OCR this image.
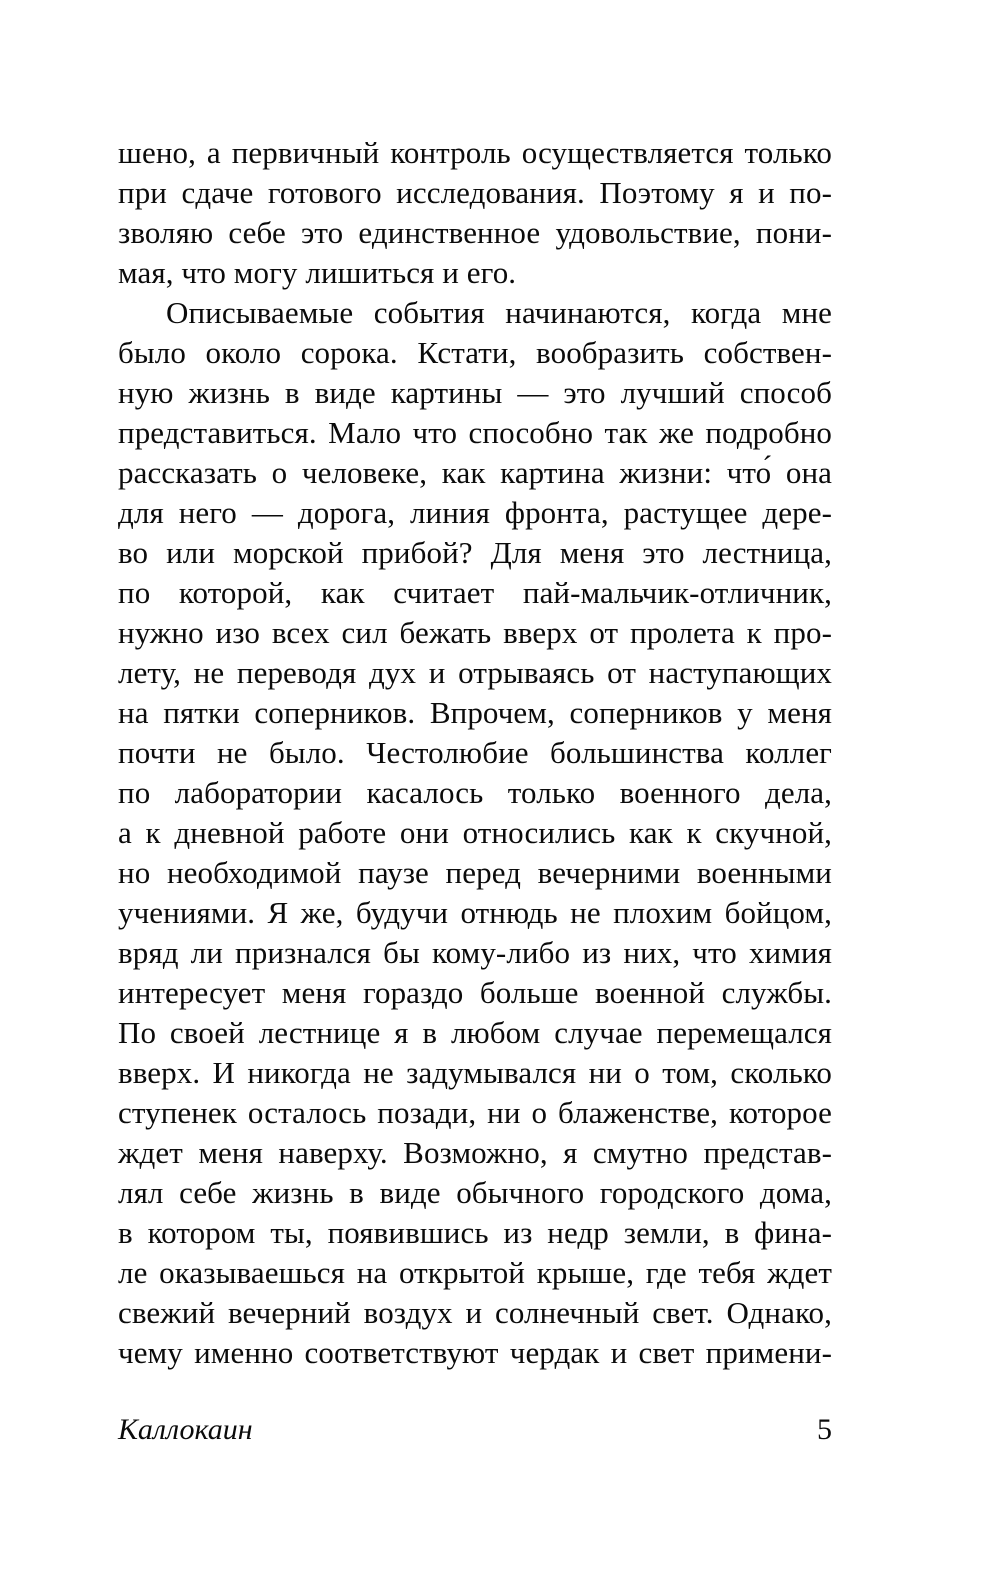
шено, а первичный контроль осуществляется только
при сдаче готового исследования. Поэтому я и по-
зволяю себе это единственное удовольствие, пони-
мая, что могу лишиться и его.
Описываемые события начинаются, когда мне
было около сорока. Кстати, вообразить собствен-
ную жизнь в виде картины — это лучший способ
представиться. Мало что способно так же подробно
рассказать о человеке, как картина жизни: что́ она
для него — дорога, линия фронта, растущее дере-
во или морской прибой? Для меня это лестница,
по которой, как считает пай-мальчик-отличник,
нужно изо всех сил бежать вверх от пролета к про-
лету, не переводя дух и отрываясь от наступающих
на пятки соперников. Впрочем, соперников у меня
почти не было. Честолюбие большинства коллег
по лаборатории касалось только военного дела,
а к дневной работе они относились как к скучной,
но необходимой паузе перед вечерними военными
учениями. Я же, будучи отнюдь не плохим бойцом,
вряд ли признался бы кому-либо из них, что химия
интересует меня гораздо больше военной службы.
По своей лестнице я в любом случае перемещался
вверх. И никогда не задумывался ни о том, сколько
ступенек осталось позади, ни о блаженстве, которое
ждет меня наверху. Возможно, я смутно представ-
лял себе жизнь в виде обычного городского дома,
в котором ты, появившись из недр земли, в фина-
ле оказываешься на открытой крыше, где тебя ждет
свежий вечерний воздух и солнечный свет. Однако,
чему именно соответствуют чердак и свет примени-
Каллокаин	5
